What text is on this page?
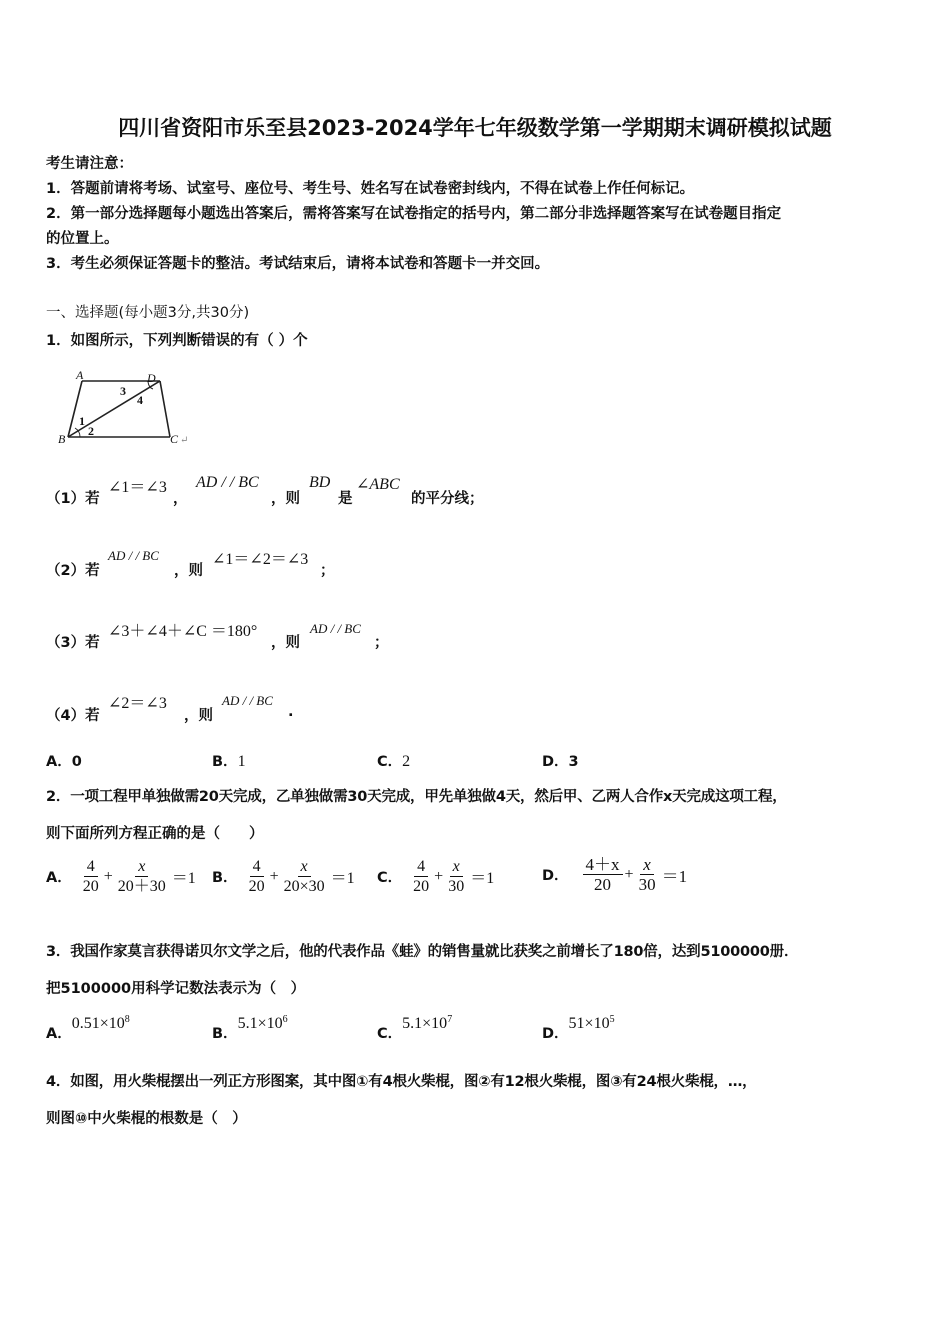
四川省资阳市乐至县2023-2024学年七年级数学第一学期期末调研模拟试题
考生请注意：
1．答题前请将考场、试室号、座位号、考生号、姓名写在试卷密封线内，不得在试卷上作任何标记。
2．第一部分选择题每小题选出答案后，需将答案写在试卷指定的括号内，第二部分非选择题答案写在试卷题目指定
的位置上。
3．考生必须保证答题卡的整洁。考试结束后，请将本试卷和答题卡一并交回。
一、选择题(每小题3分,共30分)
1．如图所示，下列判断错误的有（ ）个
A	D
B	C ↵
1
2
3
4
（1）若
∠1＝∠3
，
AD / / BC
，则
BD
是
∠ABC
的平分线；
（2）若
AD / / BC
，则
∠1＝∠2＝∠3
；
（3）若
∠3＋∠4＋∠C ＝180°
，则
AD / / BC
；
（4）若
∠2＝∠3
，则
AD / / BC
.
A．0	B．1	C．2	D．3
2．一项工程甲单独做需20天完成，乙单独做需30天完成，甲先单独做4天，然后甲、乙两人合作x天完成这项工程，
则下面所列方程正确的是（　　）
A． $\frac{4}{20} + \frac{x}{20+30} =1$ B． $\frac{4}{20} + \frac{x}{20\times 30} =1$ C． $\frac{4}{20} + \frac{x}{30} =1$	D． $\frac{4+x}{20} + \frac{x}{30} =1$
3．我国作家莫言获得诺贝尔文学之后，他的代表作品《蛙》的销售量就比获奖之前增长了180倍，达到5100000册．
把5100000用科学记数法表示为（　）
A．$0.51\times 10^8$
B．$5.1\times 10^6$
C．$5.1\times 10^7$
D．$51\times 10^5$
4．如图，用火柴棍摆出一列正方形图案，其中图①有4根火柴棍，图②有12根火柴棍，图③有24根火柴棍，…，
则图⑩中火柴棍的根数是（　）
